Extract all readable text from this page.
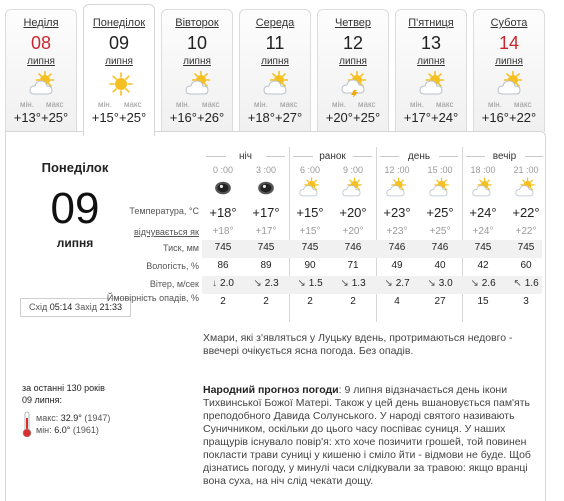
Неділя
08
липня
мін. макс
+13°+25°
Понеділок
09
липня
мін. макс
+15°+25°
Вівторок
10
липня
мін. макс
+16°+26°
Середа
11
липня
мін. макс
+18°+27°
Четвер
12
липня
мін. макс
+20°+25°
П'ятниця
13
липня
мін. макс
+17°+24°
Субота
14
липня
мін. макс
+16°+22°
Понеділок
09
липня
Схід 05:14 Захід 21:33
ніч	ранок	день	вечір
0 :00	3 :00	6 :00	9 :00	12 :00	15 :00	18 :00	21 :00
Температура, °C +18°	+17°	+15°	+20°	+23°	+25°	+24°	+22°
відчувається як	+18°	+17°	+15°	+20°	+23°	+25°	+24°	+22°
Тиск, мм	745	745	745	746	746	746	745	745
Вологість, %	86	89	90	71	49	40	42	60
Вітер, м/сек	↓ 2.0	↘ 2.3	↘ 1.5	↘ 1.3	↘ 2.7	↘ 3.0	↘ 2.6	↖ 1.6
Ймовірність опадів, %	2	2	2	2	4	27	15	3
Хмари, які з'являться у Луцьку вдень, протримаються недовго - ввечері очікується ясна погода. Без опадів.
Народний прогноз погоди: 9 липня відзначається день ікони Тихвинської Божої Матері. Також у цей день вшановується пам'ять преподобного Давида Солунського. У народі святого називають Суничником, оскільки до цього часу поспіває суниця. У наших пращурів існувало повір'я: хто хоче позичити грошей, той повинен покласти трави суниці у кишеню і сміло йти - відмови не буде. Щоб дізнатись погоду, у минулі часи слідкували за травою: якщо вранці вона суха, на ніч слід чекати дощу.
за останні 130 років
09 липня:
макс: 32.9° (1947)
мін: 6.0° (1961)
